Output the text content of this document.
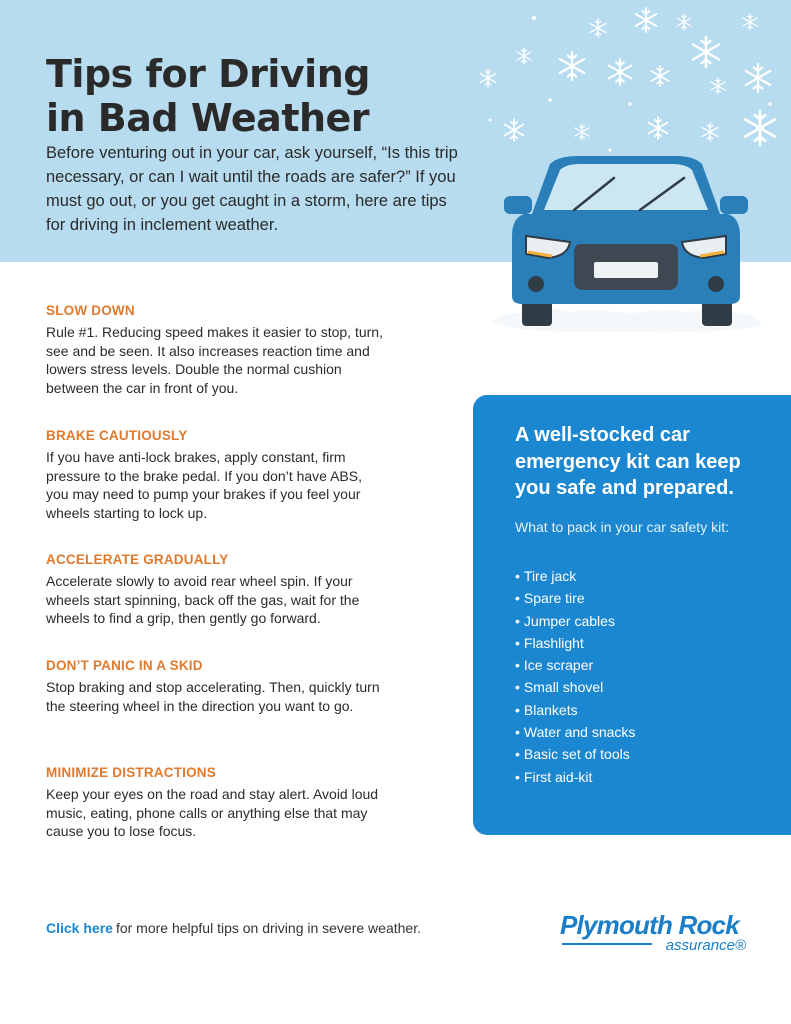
Tips for Driving
in Bad Weather

Before venturing out in your car, ask yourself, “Is this trip necessary, or can I wait until the roads are safer?” If you must go out, or you get caught in a storm, here are tips for driving in inclement weather.

SLOW DOWN

Rule #1. Reducing speed makes it easier to stop, turn, see and be seen. It also increases reaction time and lowers stress levels. Double the normal cushion between the car in front of you.

BRAKE CAUTIOUSLY

If you have anti-lock brakes, apply constant, firm pressure to the brake pedal. If you don’t have ABS, you may need to pump your brakes if you feel your wheels starting to lock up.

ACCELERATE GRADUALLY

Accelerate slowly to avoid rear wheel spin. If your wheels start spinning, back off the gas, wait for the wheels to find a grip, then gently go forward.

DON’T PANIC IN A SKID

Stop braking and stop accelerating. Then, quickly turn the steering wheel in the direction you want to go.

MINIMIZE DISTRACTIONS

Keep your eyes on the road and stay alert. Avoid loud music, eating, phone calls or anything else that may cause you to lose focus.

A well-stocked car emergency kit can keep you safe and prepared.

What to pack in your car safety kit:

• Tire jack
• Spare tire
• Jumper cables
• Flashlight
• Ice scraper
• Small shovel
• Blankets
• Water and snacks
• Basic set of tools
• First aid-kit
Click here for more helpful tips on driving in severe weather.	Plymouth Rock
assurance®
